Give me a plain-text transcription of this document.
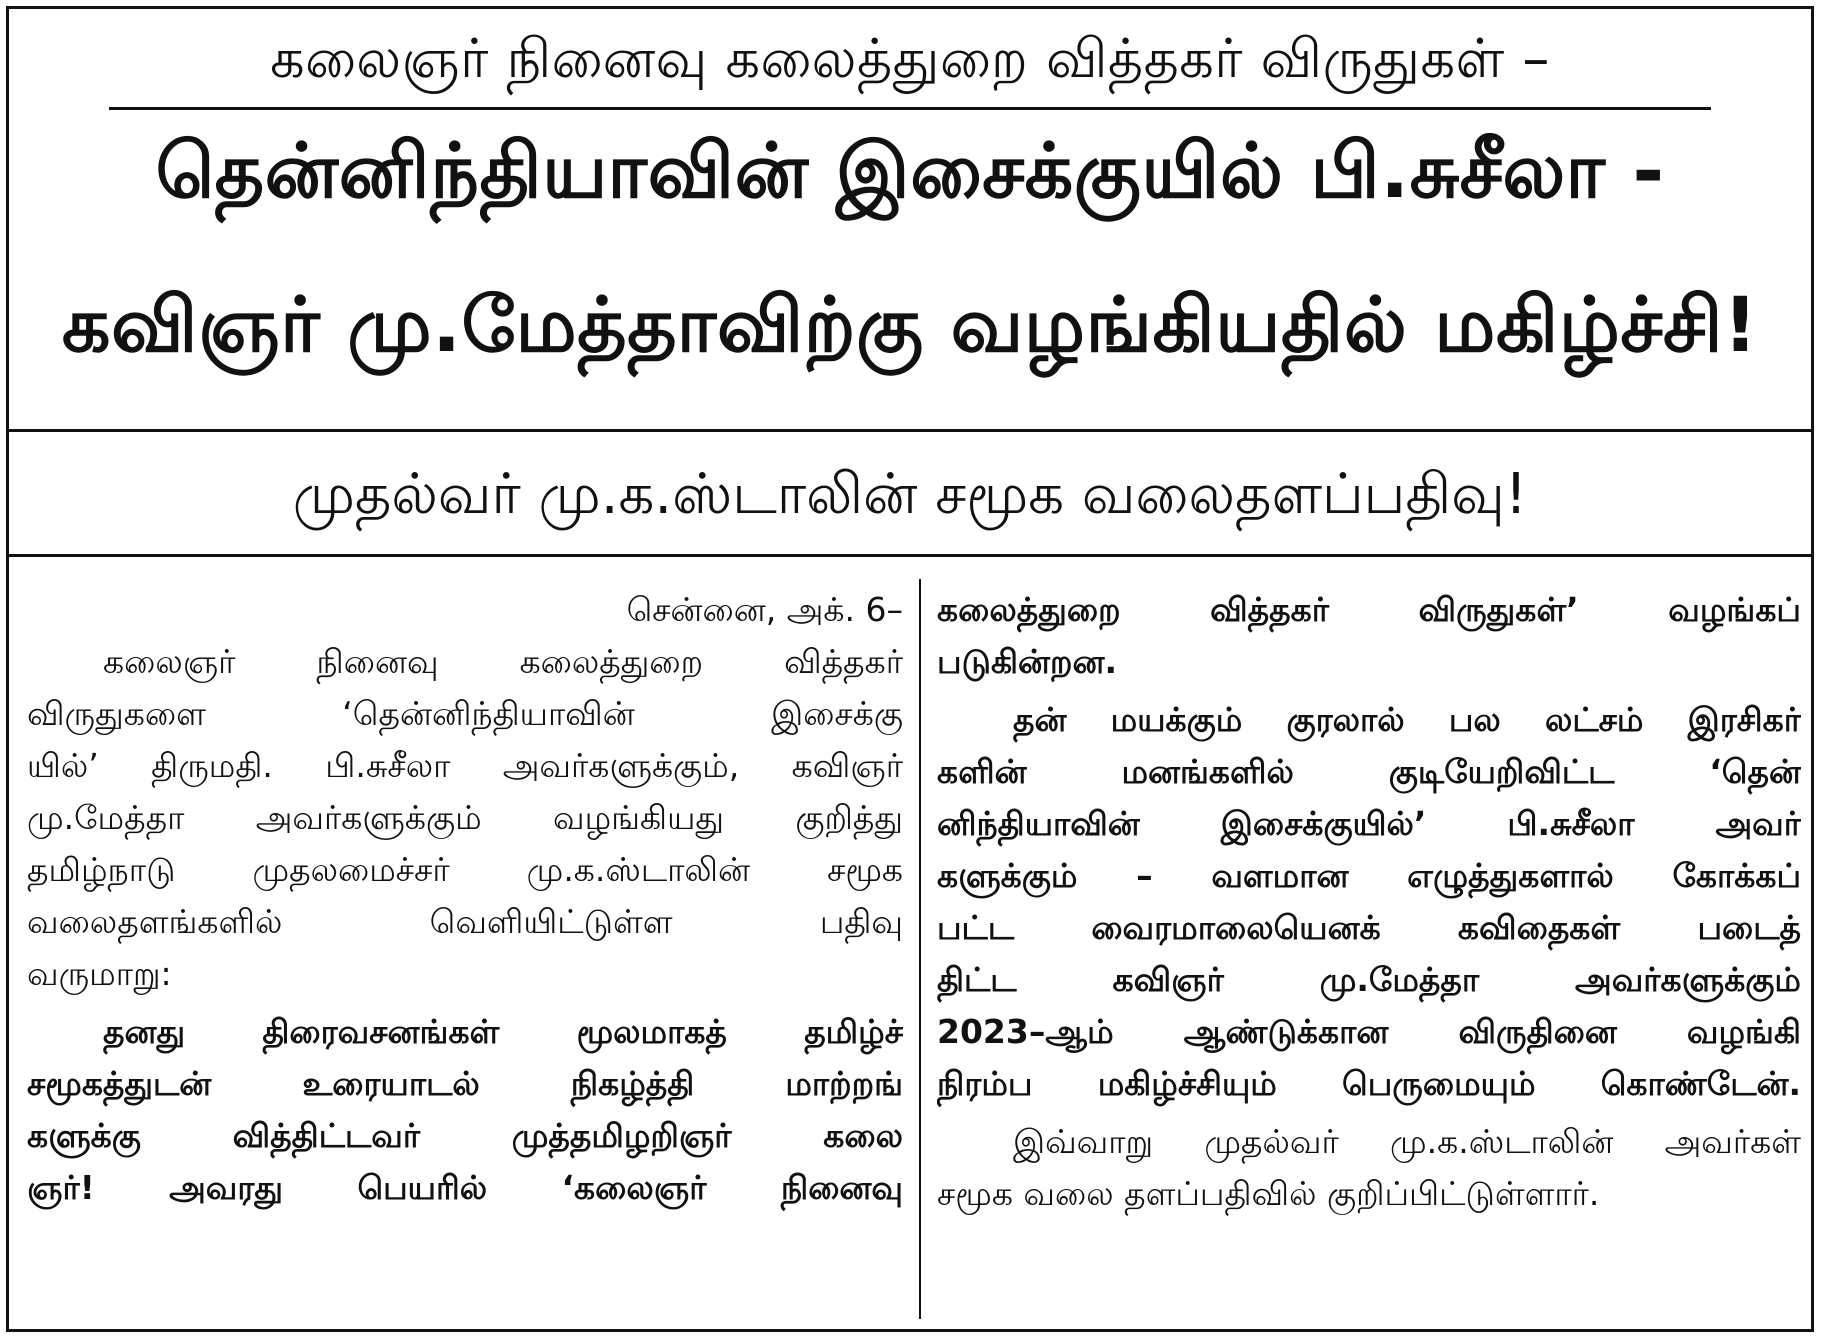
கலைஞர் நினைவு கலைத்துறை வித்தகர் விருதுகள் –
தென்னிந்தியாவின் இசைக்குயில் பி.சுசீலா -
கவிஞர் மு.மேத்தாவிற்கு வழங்கியதில் மகிழ்ச்சி!
முதல்வர் மு.க.ஸ்டாலின் சமூக வலைதளப்பதிவு!
சென்னை, அக். 6–
கலைஞர் நினைவு கலைத்துறை வித்தகர்
விருதுகளை ‘தென்னிந்தியாவின் இசைக்கு
யில்’ திருமதி. பி.சுசீலா அவர்களுக்கும், கவிஞர்
மு.மேத்தா அவர்களுக்கும் வழங்கியது குறித்து
தமிழ்நாடு முதலமைச்சர் மு.க.ஸ்டாலின் சமூக
வலைதளங்களில் வெளியிட்டுள்ள பதிவு
வருமாறு:
தனது திரைவசனங்கள் மூலமாகத் தமிழ்ச்
சமூகத்துடன் உரையாடல் நிகழ்த்தி மாற்றங்
களுக்கு வித்திட்டவர் முத்தமிழறிஞர் கலை
ஞர்! அவரது பெயரில் ‘கலைஞர் நினைவு
கலைத்துறை வித்தகர் விருதுகள்’ வழங்கப்
படுகின்றன.
தன் மயக்கும் குரலால் பல லட்சம் இரசிகர்
களின் மனங்களில் குடியேறிவிட்ட ‘தென்
னிந்தியாவின் இசைக்குயில்’ பி.சுசீலா அவர்
களுக்கும் – வளமான எழுத்துகளால் கோக்கப்
பட்ட வைரமாலையெனக் கவிதைகள் படைத்
திட்ட கவிஞர் மு.மேத்தா அவர்களுக்கும்
2023–ஆம் ஆண்டுக்கான விருதினை வழங்கி
நிரம்ப மகிழ்ச்சியும் பெருமையும் கொண்டேன்.
இவ்வாறு முதல்வர் மு.க.ஸ்டாலின் அவர்கள்
சமூக வலை தளப்பதிவில் குறிப்பிட்டுள்ளார்.
